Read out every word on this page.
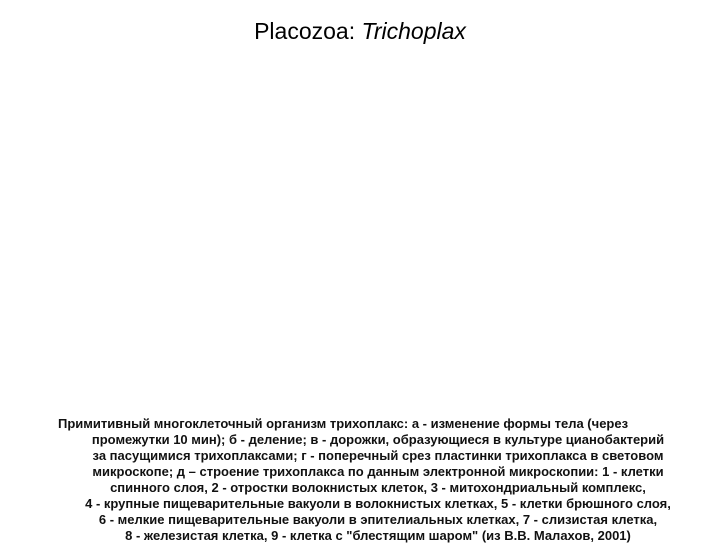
Placozoa: Trichoplax
Примитивный многоклеточный организм трихоплакс: а - изменение формы тела (через
промежутки 10 мин); б - деление; в - дорожки, образующиеся в культуре цианобактерий
за пасущимися трихоплаксами; г - поперечный срез пластинки трихоплакса в световом
микроскопе; д – строение трихоплакса по данным электронной микроскопии: 1 - клетки
спинного слоя, 2 - отростки волокнистых клеток, 3 - митохондриальный комплекс,
4 - крупные пищеварительные вакуоли в волокнистых клетках, 5 - клетки брюшного слоя,
6 - мелкие пищеварительные вакуоли в эпителиальных клетках, 7 - слизистая клетка,
8 - железистая клетка, 9 - клетка с "блестящим шаром" (из В.В. Малахов, 2001)
